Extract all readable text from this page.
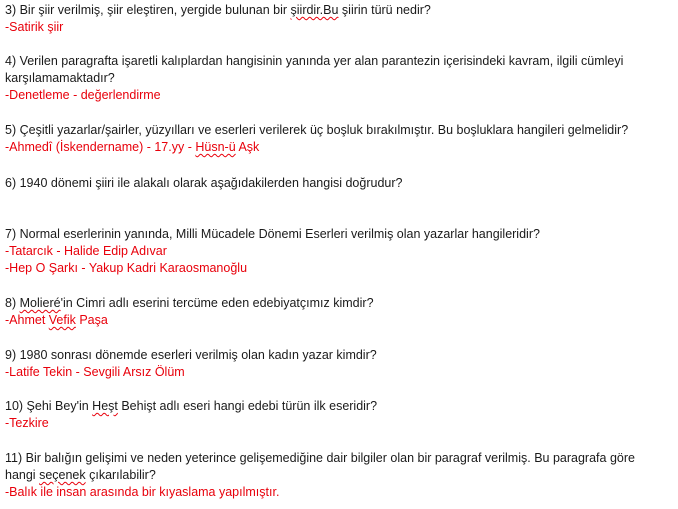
3) Bir şiir verilmiş, şiir eleştiren, yergide bulunan bir şiirdir.Bu şiirin türü nedir?
-Satirik şiir
4) Verilen paragrafta işaretli kalıplardan hangisinin yanında yer alan parantezin içerisindeki kavram, ilgili cümleyi
karşılamamaktadır?
-Denetleme - değerlendirme
5) Çeşitli yazarlar/şairler, yüzyılları ve eserleri verilerek üç boşluk bırakılmıştır. Bu boşluklara hangileri gelmelidir?
-Ahmedî (İskendername) - 17.yy - Hüsn-ü Aşk
6) 1940 dönemi şiiri ile alakalı olarak aşağıdakilerden hangisi doğrudur?
7) Normal eserlerinin yanında, Milli Mücadele Dönemi Eserleri verilmiş olan yazarlar hangileridir?
-Tatarcık - Halide Edip Adıvar
-Hep O Şarkı - Yakup Kadri Karaosmanoğlu
8) Molieré'in Cimri adlı eserini tercüme eden edebiyatçımız kimdir?
-Ahmet Vefik Paşa
9) 1980 sonrası dönemde eserleri verilmiş olan kadın yazar kimdir?
-Latife Tekin - Sevgili Arsız Ölüm
10) Şehi Bey'in Heşt Behişt adlı eseri hangi edebi türün ilk eseridir?
-Tezkire
11) Bir balığın gelişimi ve neden yeterince gelişemediğine dair bilgiler olan bir paragraf verilmiş. Bu paragrafa göre
hangi seçenek çıkarılabilir?
-Balık ile insan arasında bir kıyaslama yapılmıştır.
